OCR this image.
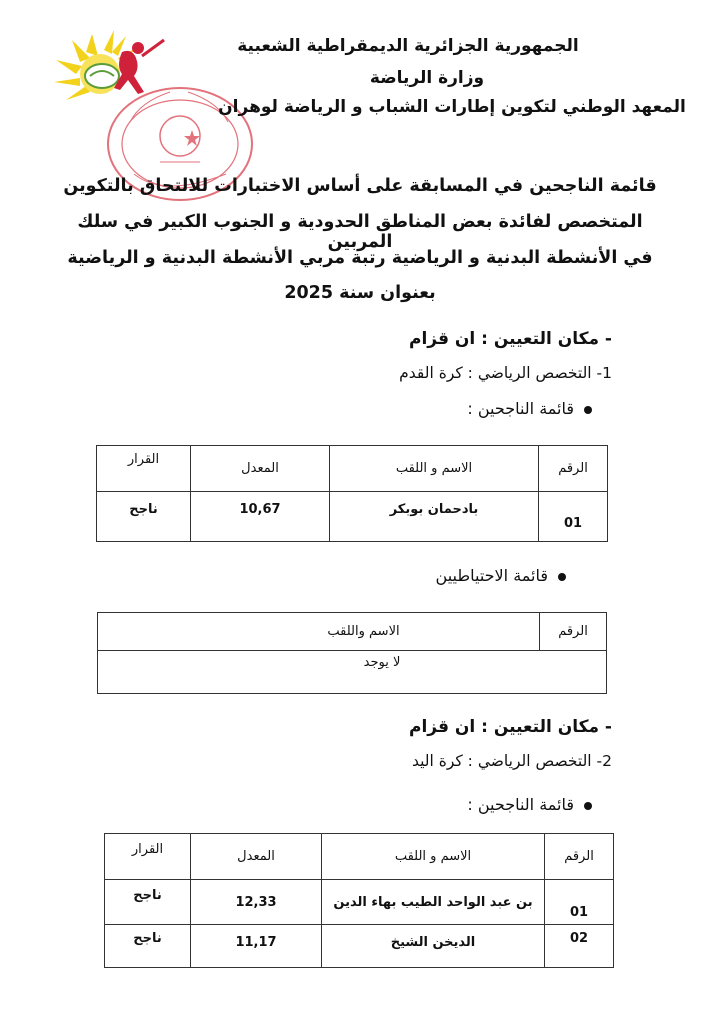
الجمهورية الجزائرية الديمقراطية الشعبية
وزارة الرياضة
المعهد الوطني لتكوين إطارات الشباب و الرياضة لوهران
قائمة الناجحين في المسابقة على أساس الاختبارات للالتحاق بالتكوين
المتخصص لفائدة بعض المناطق الحدودية و الجنوب الكبير في سلك المربين
في الأنشطة البدنية و الرياضية رتبة مربي الأنشطة البدنية و الرياضية
بعنوان سنة 2025
- مكان التعيين : ان قزام
1- التخصص الرياضي : كرة القدم
قائمة الناجحين :
الرقم	الاسم و اللقب	المعدل	القرار
01	بادحمان بوبكر	10,67	ناجح
قائمة الاحتياطيين
الرقم	الاسم واللقب
لا يوجد
- مكان التعيين : ان قزام
2- التخصص الرياضي : كرة اليد
قائمة الناجحين :
الرقم	الاسم و اللقب	المعدل	القرار
01	بن عبد الواحد الطيب بهاء الدين	12,33	ناجح
02	الديخن الشيخ	11,17	ناجح
